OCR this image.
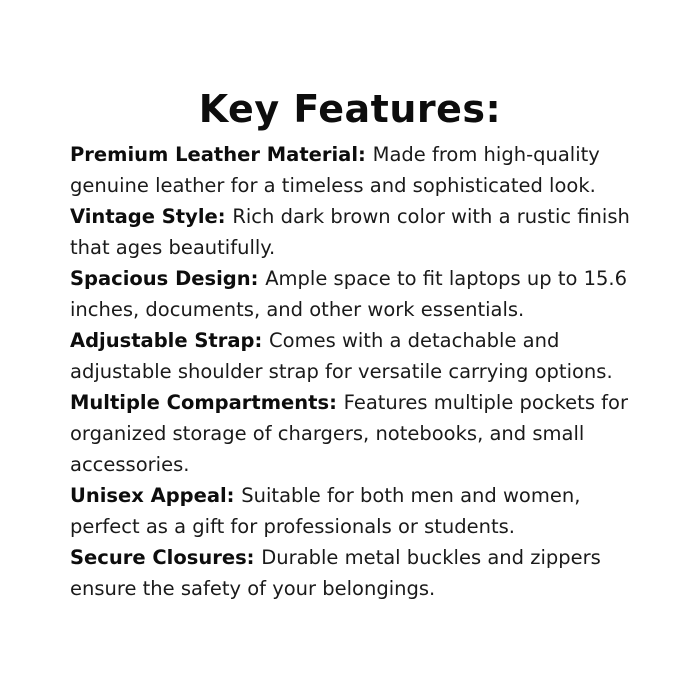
Key Features:
Premium Leather Material: Made from high-quality genuine leather for a timeless and sophisticated look.
Vintage Style: Rich dark brown color with a rustic finish that ages beautifully.
Spacious Design: Ample space to fit laptops up to 15.6 inches, documents, and other work essentials.
Adjustable Strap: Comes with a detachable and adjustable shoulder strap for versatile carrying options.
Multiple Compartments: Features multiple pockets for organized storage of chargers, notebooks, and small accessories.
Unisex Appeal: Suitable for both men and women, perfect as a gift for professionals or students.
Secure Closures: Durable metal buckles and zippers ensure the safety of your belongings.
